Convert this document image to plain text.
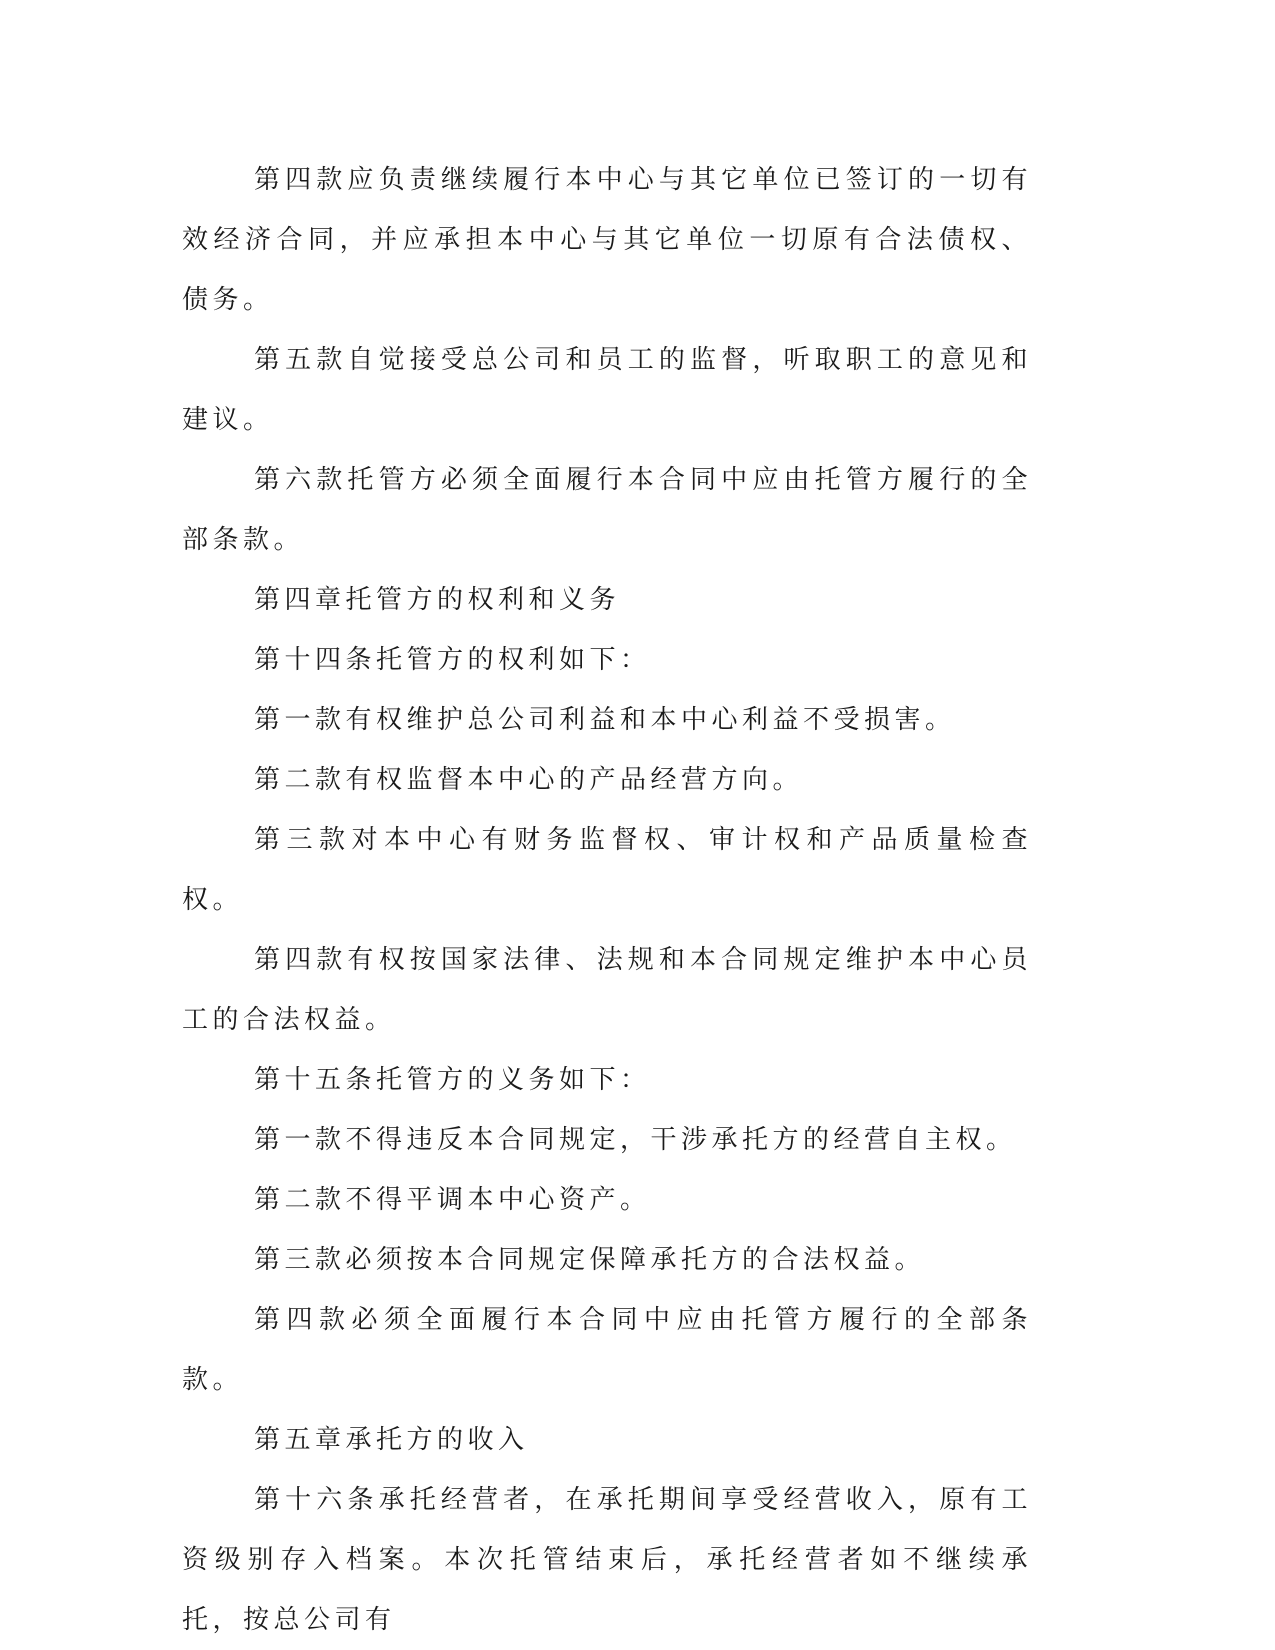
第四款应负责继续履行本中心与其它单位已签订的一切有效经济合同，并应承担本中心与其它单位一切原有合法债权、债务。

第五款自觉接受总公司和员工的监督，听取职工的意见和建议。

第六款托管方必须全面履行本合同中应由托管方履行的全部条款。

第四章托管方的权利和义务

第十四条托管方的权利如下：

第一款有权维护总公司利益和本中心利益不受损害。

第二款有权监督本中心的产品经营方向。

第三款对本中心有财务监督权、审计权和产品质量检查权。

第四款有权按国家法律、法规和本合同规定维护本中心员工的合法权益。

第十五条托管方的义务如下：

第一款不得违反本合同规定，干涉承托方的经营自主权。

第二款不得平调本中心资产。

第三款必须按本合同规定保障承托方的合法权益。

第四款必须全面履行本合同中应由托管方履行的全部条款。

第五章承托方的收入

第十六条承托经营者，在承托期间享受经营收入，原有工资级别存入档案。本次托管结束后，承托经营者如不继续承托，按总公司有
